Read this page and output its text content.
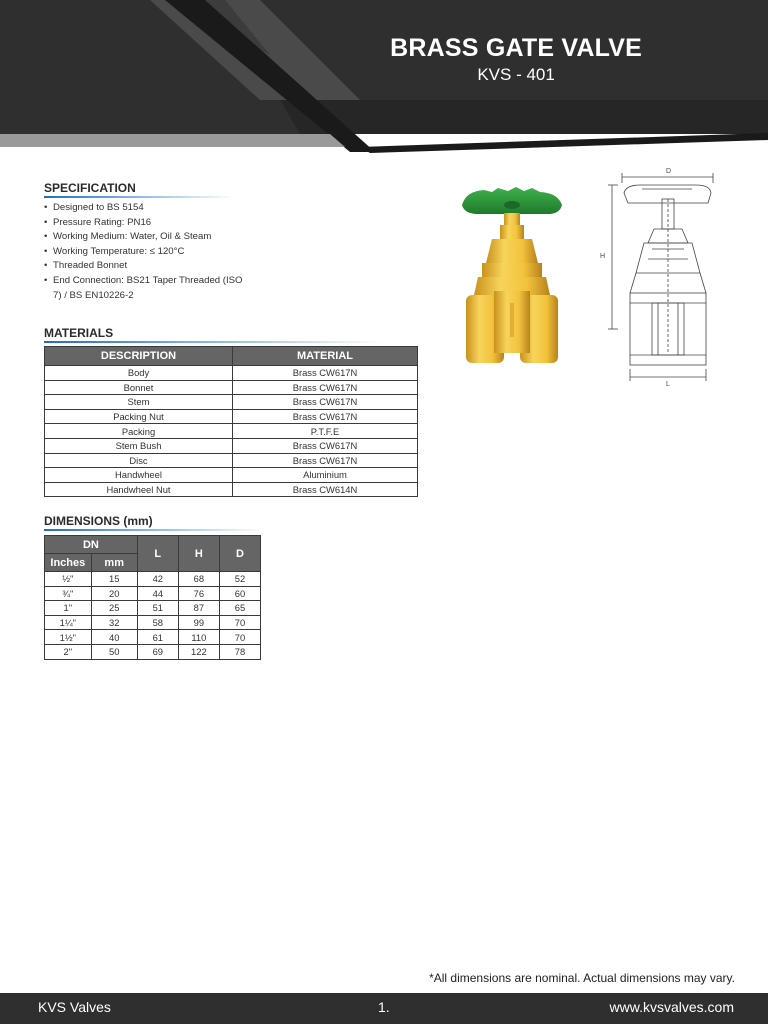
BRASS GATE VALVE
KVS - 401
SPECIFICATION
• Designed to BS 5154
• Pressure Rating: PN16
• Working Medium: Water, Oil & Steam
• Working Temperature: ≤ 120°C
• Threaded Bonnet
• End Connection: BS21 Taper Threaded (ISO 7) / BS EN10226-2
MATERIALS
DESCRIPTION	MATERIAL
Body	Brass CW617N
Bonnet	Brass CW617N
Stem	Brass CW617N
Packing Nut	Brass CW617N
Packing	P.T.F.E
Stem Bush	Brass CW617N
Disc	Brass CW617N
Handwheel	Aluminium
Handwheel Nut	Brass CW614N
DIMENSIONS (mm)
DN		L	H	D
Inches	mm			
½"	15	42	68	52
¾"	20	44	76	60
1"	25	51	87	65
1¼"	32	58	99	70
1½"	40	61	110	70
2"	50	69	122	78
D
H
L
*All dimensions are nominal. Actual dimensions may vary.
KVS Valves	1.	www.kvsvalves.com
